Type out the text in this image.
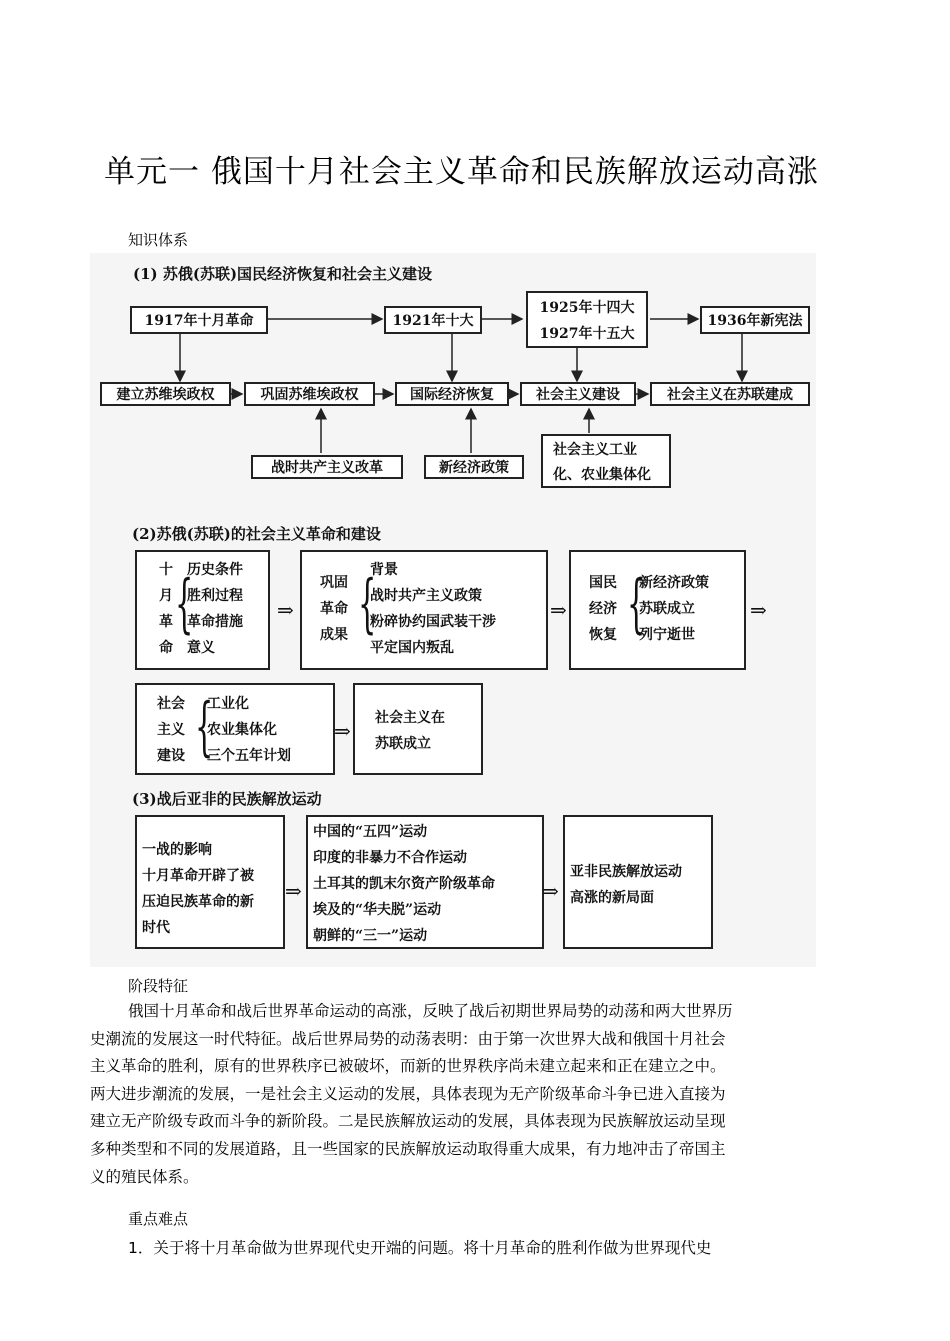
单元一 俄国十月社会主义革命和民族解放运动高涨
知识体系
(1) 苏俄(苏联)国民经济恢复和社会主义建设
1917年十月革命	1921年十大
1925年十四大
1927年十五大
1936年新宪法
建立苏维埃政权	巩固苏维埃政权	国际经济恢复	社会主义建设	社会主义在苏联建成
战时共产主义改革	新经济政策
社会主义工业
化、农业集体化
(2)苏俄(苏联)的社会主义革命和建设
十
月
革
命
{
历史条件
胜利过程
革命措施
意义
⇒
巩固
革命
成果 {
背景
战时共产主义政策
粉碎协约国武装干涉
平定国内叛乱
⇒
国民
经济
恢复 {
新经济政策
苏联成立
列宁逝世
⇒
社会
主义
建设 {
工业化
农业集体化
三个五年计划
⇒
社会主义在
苏联成立
(3)战后亚非的民族解放运动
一战的影响
十月革命开辟了被
压迫民族革命的新
时代
⇒
中国的“五四”运动
印度的非暴力不合作运动
土耳其的凯末尔资产阶级革命
埃及的“华夫脱”运动
朝鲜的“三一”运动
⇒
亚非民族解放运动
高涨的新局面
阶段特征
俄国十月革命和战后世界革命运动的高涨，反映了战后初期世界局势的动荡和两大世界历史潮流的发展这一时代特征。战后世界局势的动荡表明：由于第一次世界大战和俄国十月社会主义革命的胜利，原有的世界秩序已被破坏，而新的世界秩序尚未建立起来和正在建立之中。两大进步潮流的发展，一是社会主义运动的发展，具体表现为无产阶级革命斗争已进入直接为建立无产阶级专政而斗争的新阶段。二是民族解放运动的发展，具体表现为民族解放运动呈现多种类型和不同的发展道路，且一些国家的民族解放运动取得重大成果，有力地冲击了帝国主义的殖民体系。
重点难点
1．关于将十月革命做为世界现代史开端的问题。将十月革命的胜利作做为世界现代史
